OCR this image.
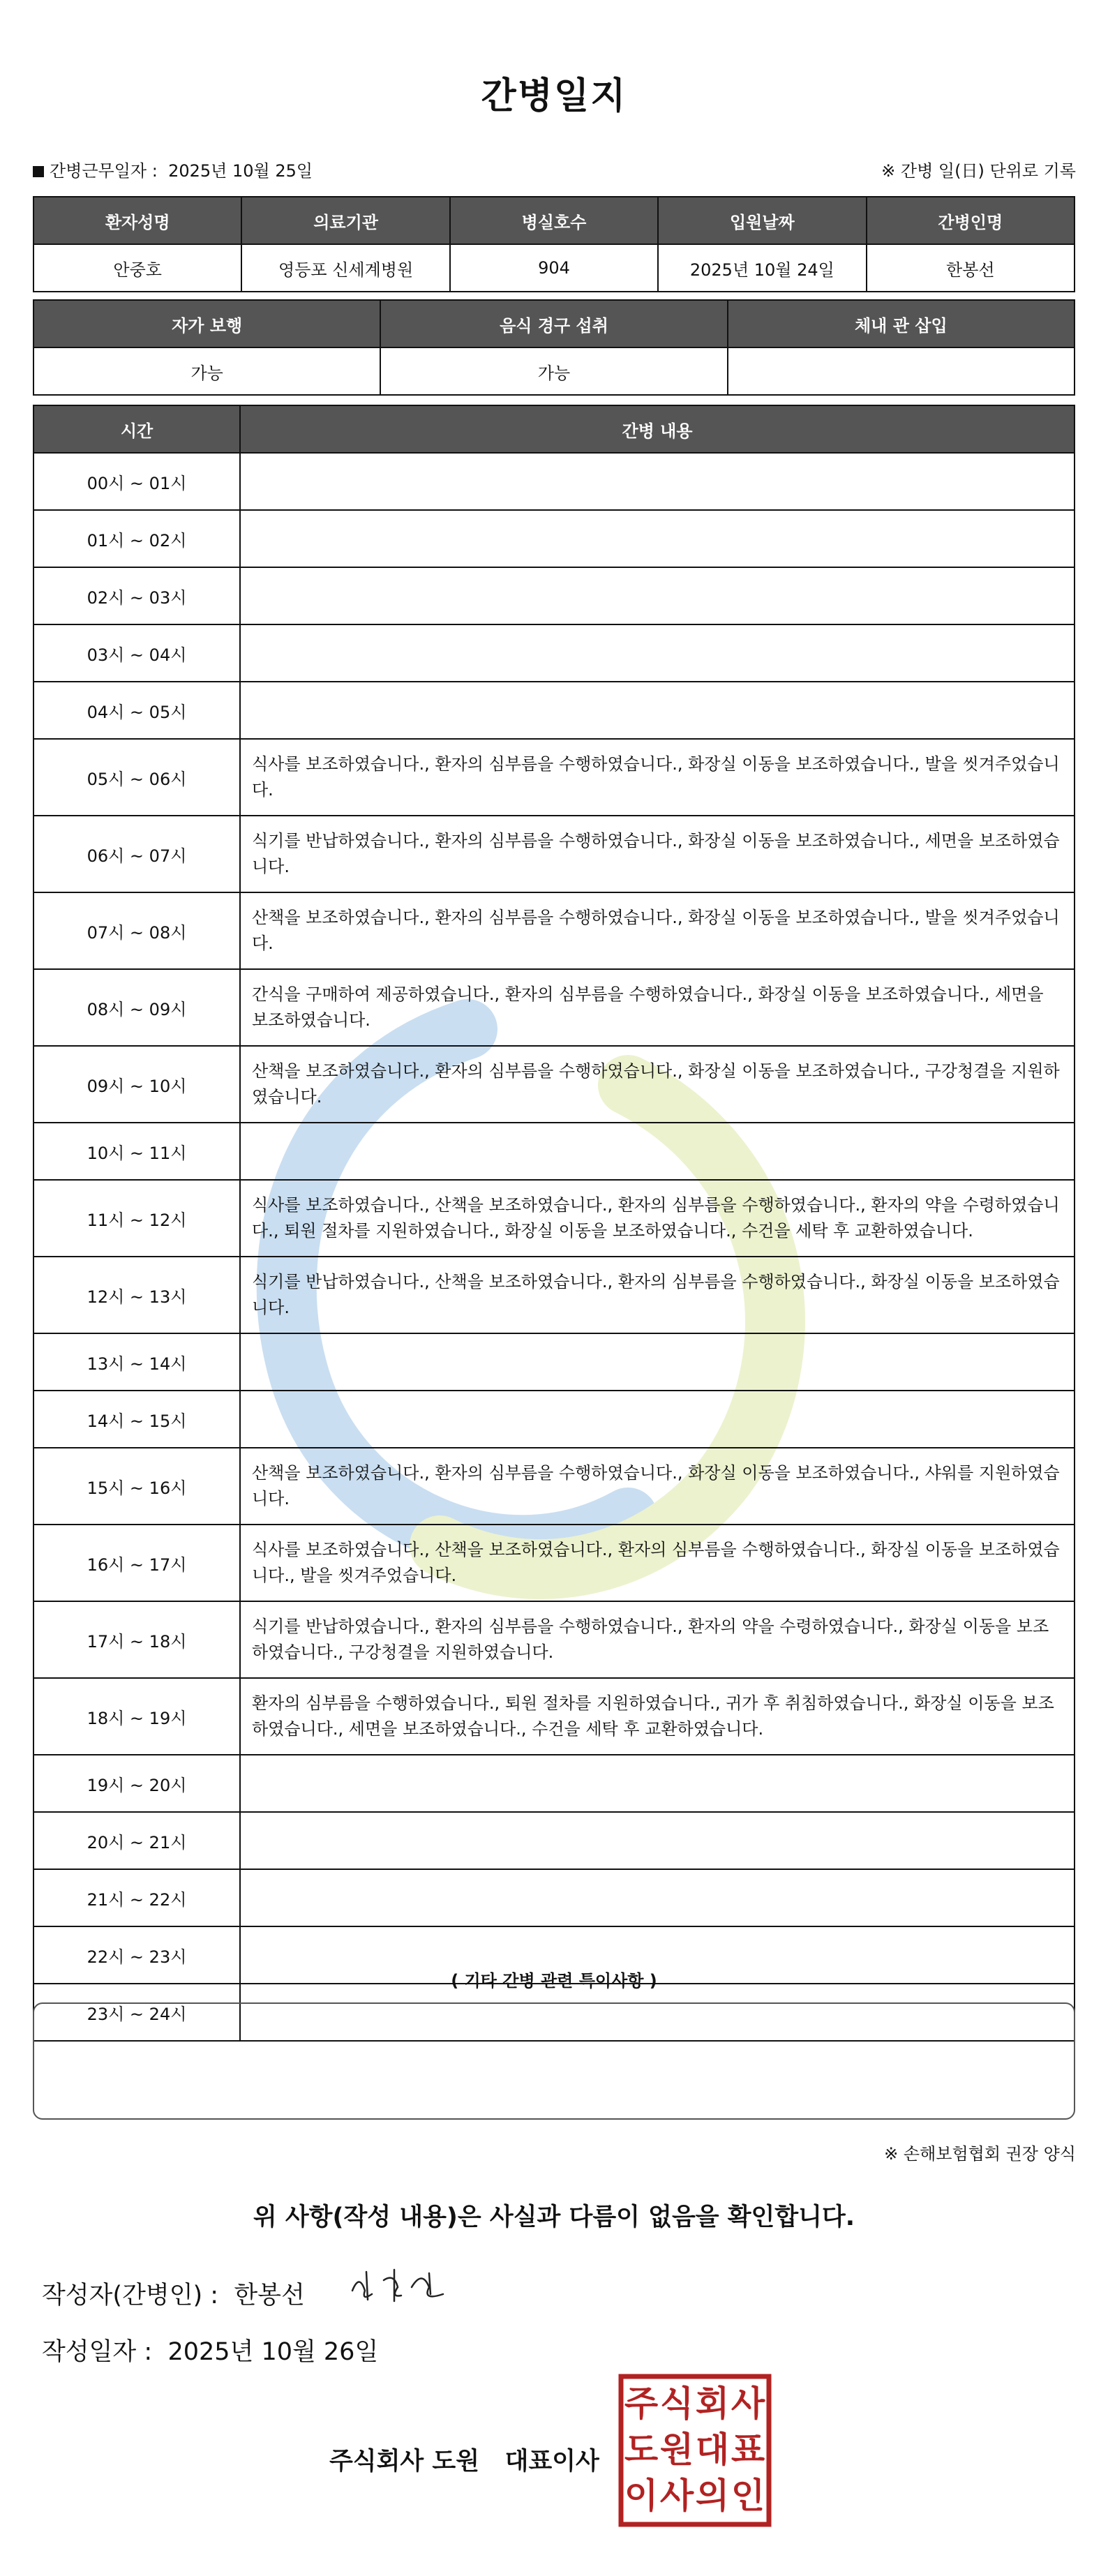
간병일지
간병근무일자 : 2025년 10월 25일	※ 간병 일(日) 단위로 기록
환자성명	의료기관	병실호수	입원날짜	간병인명
안중호	영등포 신세계병원	904	2025년 10월 24일	한봉선
자가 보행	음식 경구 섭취	체내 관 삽입
가능	가능	
시간	간병 내용
00시 ~ 01시	
01시 ~ 02시	
02시 ~ 03시	
03시 ~ 04시	
04시 ~ 05시	
05시 ~ 06시	식사를 보조하였습니다., 환자의 심부름을 수행하였습니다., 화장실 이동을 보조하였습니다., 발을 씻겨주었습니다.
06시 ~ 07시	식기를 반납하였습니다., 환자의 심부름을 수행하였습니다., 화장실 이동을 보조하였습니다., 세면을 보조하였습니다.
07시 ~ 08시	산책을 보조하였습니다., 환자의 심부름을 수행하였습니다., 화장실 이동을 보조하였습니다., 발을 씻겨주었습니다.
08시 ~ 09시	간식을 구매하여 제공하였습니다., 환자의 심부름을 수행하였습니다., 화장실 이동을 보조하였습니다., 세면을 보조하였습니다.
09시 ~ 10시	산책을 보조하였습니다., 환자의 심부름을 수행하였습니다., 화장실 이동을 보조하였습니다., 구강청결을 지원하였습니다.
10시 ~ 11시	
11시 ~ 12시	식사를 보조하였습니다., 산책을 보조하였습니다., 환자의 심부름을 수행하였습니다., 환자의 약을 수령하였습니다., 퇴원 절차를 지원하였습니다., 화장실 이동을 보조하였습니다., 수건을 세탁 후 교환하였습니다.
12시 ~ 13시	식기를 반납하였습니다., 산책을 보조하였습니다., 환자의 심부름을 수행하였습니다., 화장실 이동을 보조하였습니다.
13시 ~ 14시	
14시 ~ 15시	
15시 ~ 16시	산책을 보조하였습니다., 환자의 심부름을 수행하였습니다., 화장실 이동을 보조하였습니다., 샤워를 지원하였습니다.
16시 ~ 17시	식사를 보조하였습니다., 산책을 보조하였습니다., 환자의 심부름을 수행하였습니다., 화장실 이동을 보조하였습니다., 발을 씻겨주었습니다.
17시 ~ 18시	식기를 반납하였습니다., 환자의 심부름을 수행하였습니다., 환자의 약을 수령하였습니다., 화장실 이동을 보조하였습니다., 구강청결을 지원하였습니다.
18시 ~ 19시	환자의 심부름을 수행하였습니다., 퇴원 절차를 지원하였습니다., 귀가 후 취침하였습니다., 화장실 이동을 보조하였습니다., 세면을 보조하였습니다., 수건을 세탁 후 교환하였습니다.
19시 ~ 20시	
20시 ~ 21시	
21시 ~ 22시	
22시 ~ 23시	
23시 ~ 24시	
( 기타 간병 관련 특이사항 )
※ 손해보험협회 권장 양식
위 사항(작성 내용)은 사실과 다름이 없음을 확인합니다.
작성자(간병인) : 한봉선
작성일자 : 2025년 10월 26일
주식회사 도원 대표이사
주 식 회 사
도 원 대 표
이 사 의 인
